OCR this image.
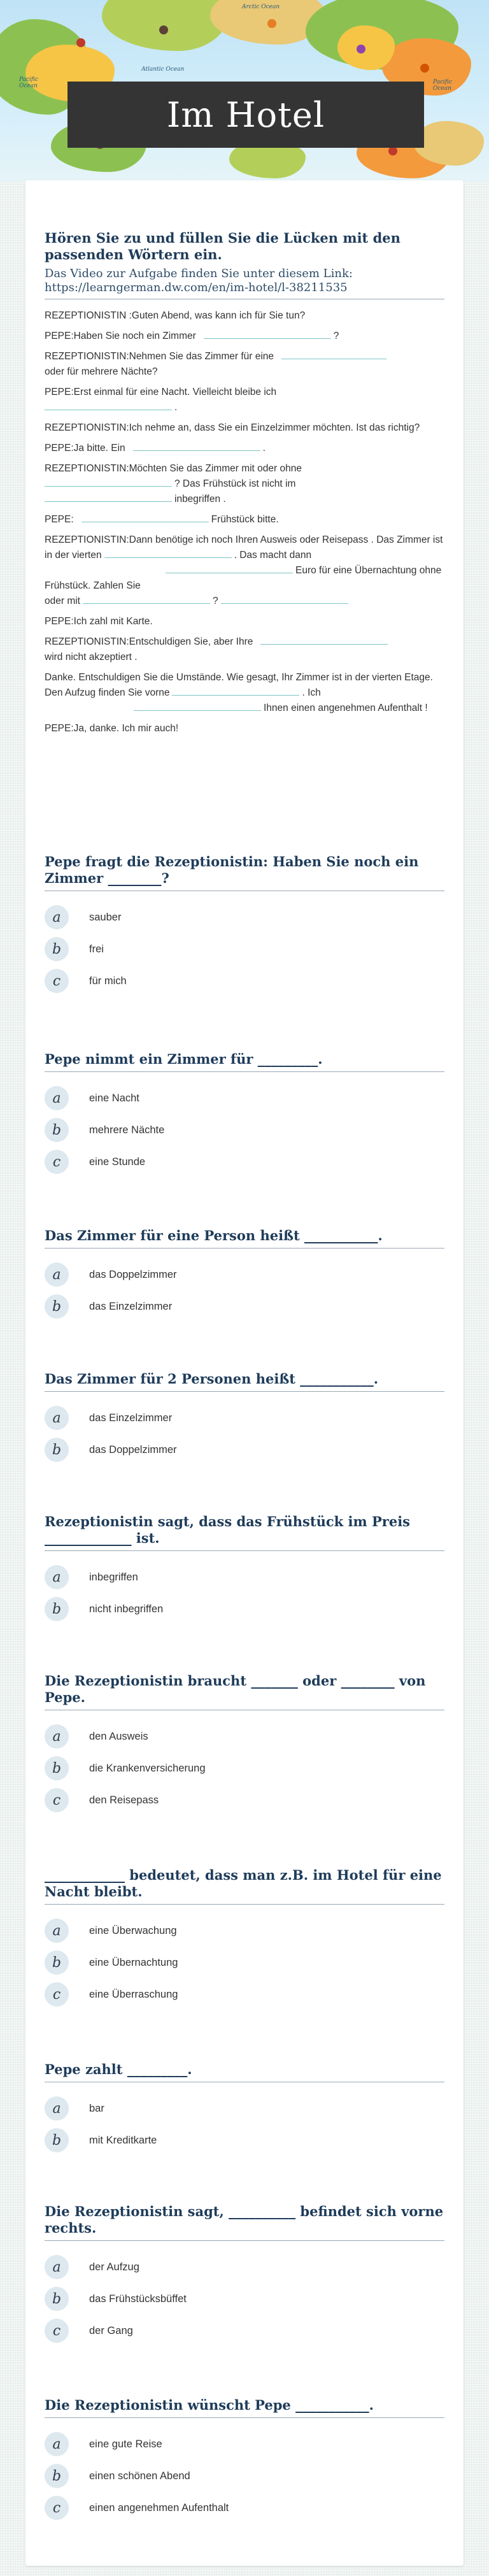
Arctic Ocean
Atlantic Ocean
Pacific Ocean
Pacific Ocean
Im Hotel
Hören Sie zu und füllen Sie die Lücken mit den passenden Wörtern ein.
Das Video zur Aufgabe finden Sie unter diesem Link: https://learngerman.dw.com/en/im-hotel/l-38211535
REZEPTIONISTIN :Guten Abend, was kann ich für Sie tun?
PEPE:Haben Sie noch ein Zimmer	?
REZEPTIONISTIN:Nehmen Sie das Zimmer für eine
oder für mehrere Nächte?
PEPE:Erst einmal für eine Nacht. Vielleicht bleibe ich
.
REZEPTIONISTIN:Ich nehme an, dass Sie ein Einzelzimmer möchten. Ist das richtig?
PEPE:Ja bitte. Ein	.
REZEPTIONISTIN:Möchten Sie das Zimmer mit oder ohne
? Das Frühstück ist nicht im
inbegriffen .
PEPE:	Frühstück bitte.
REZEPTIONISTIN:Dann benötige ich noch Ihren Ausweis oder Reisepass . Das Zimmer ist in der vierten	. Das macht dann
Euro für eine Übernachtung ohne Frühstück. Zahlen Sie
oder mit	?
PEPE:Ich zahl mit Karte.
REZEPTIONISTIN:Entschuldigen Sie, aber Ihre
wird nicht akzeptiert .
Danke. Entschuldigen Sie die Umstände. Wie gesagt, Ihr Zimmer ist in der vierten Etage. Den Aufzug finden Sie vorne	. Ich
Ihnen einen angenehmen Aufenthalt !
PEPE:Ja, danke. Ich mir auch!
Pepe fragt die Rezeptionistin: Haben Sie noch ein Zimmer ________?
a	sauber
b	frei
c	für mich
Pepe nimmt ein Zimmer für _________.
a	eine Nacht
b	mehrere Nächte
c	eine Stunde
Das Zimmer für eine Person heißt ___________.
a	das Doppelzimmer
b	das Einzelzimmer
Das Zimmer für 2 Personen heißt ___________.
a	das Einzelzimmer
b	das Doppelzimmer
Rezeptionistin sagt, dass das Frühstück im Preis _____________ ist.
a	inbegriffen
b	nicht inbegriffen
Die Rezeptionistin braucht _______ oder ________ von Pepe.
a	den Ausweis
b	die Krankenversicherung
c	den Reisepass
____________ bedeutet, dass man z.B. im Hotel für eine Nacht bleibt.
a	eine Überwachung
b	eine Übernachtung
c	eine Überraschung
Pepe zahlt _________.
a	bar
b	mit Kreditkarte
Die Rezeptionistin sagt, __________ befindet sich vorne rechts.
a	der Aufzug
b	das Frühstücksbüffet
c	der Gang
Die Rezeptionistin wünscht Pepe ___________.
a	eine gute Reise
b	einen schönen Abend
c	einen angenehmen Aufenthalt
